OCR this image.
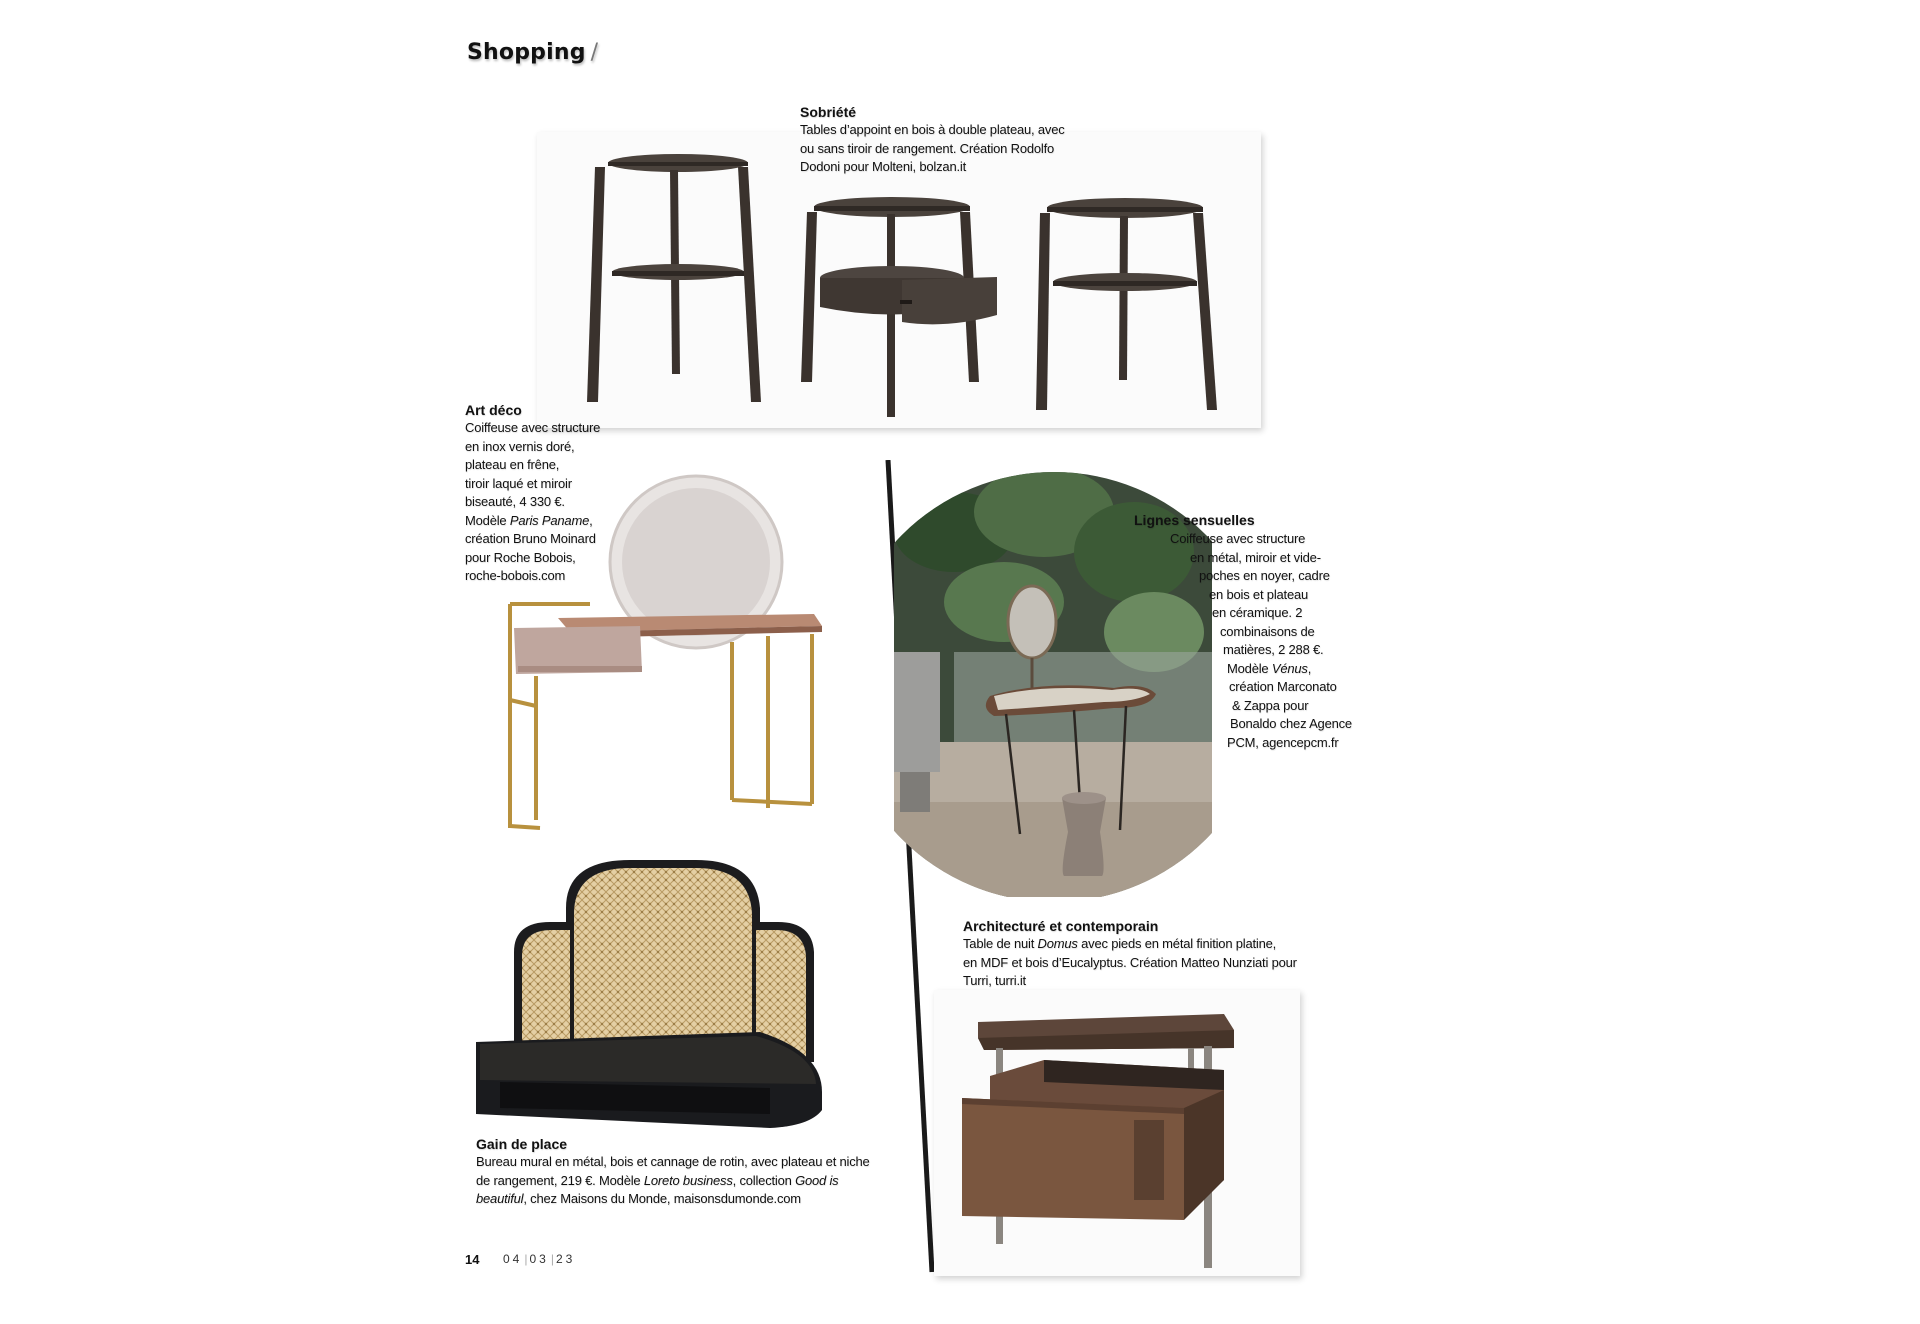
Shopping /
Sobriété
Tables d’appoint en bois à double plateau, avec
ou sans tiroir de rangement. Création Rodolfo
Dodoni pour Molteni, bolzan.it
Art déco
Coiffeuse avec structure
en inox vernis doré,
plateau en frêne,
tiroir laqué et miroir
biseauté, 4 330 €.
Modèle Paris Paname,
création Bruno Moinard
pour Roche Bobois,
roche-bobois.com
Lignes sensuelles
Coiffeuse avec structure
en métal, miroir et vide-
poches en noyer, cadre
en bois et plateau
en céramique. 2
combinaisons de
matières, 2 288 €.
Modèle Vénus,
création Marconato
& Zappa pour
Bonaldo chez Agence
PCM, agencepcm.fr
Architecturé et contemporain
Table de nuit Domus avec pieds en métal finition platine,
en MDF et bois d’Eucalyptus. Création Matteo Nunziati pour
Turri, turri.it
Gain de place
Bureau mural en métal, bois et cannage de rotin, avec plateau et niche
de rangement, 219 €. Modèle Loreto business, collection Good is
beautiful, chez Maisons du Monde, maisonsdumonde.com
14 04 | 03 | 23
